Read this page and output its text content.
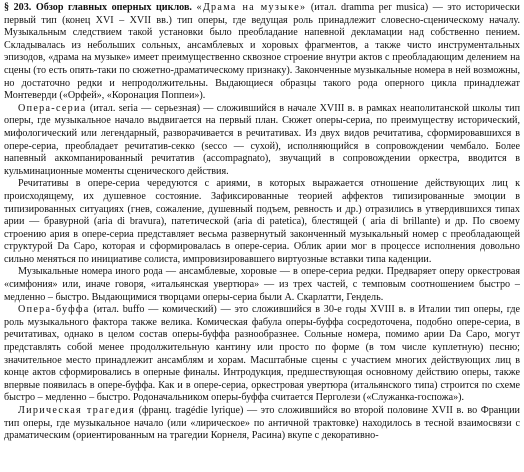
§ 203. Обзор главных оперных циклов. «Драма на музыке» (итал. dramma per musica) — это исторически первый тип (конец XVI – XVII вв.) тип оперы, где ведущая роль принадлежит словесно-сценическому началу. Музыкальным следствием такой установки было преобладание напевной декламации над собственно пением. Складывалась из небольших сольных, ансамблевых и хоровых фрагментов, а также чисто инструментальных эпизодов, «драма на музыке» имеет преимущественно сквозное строение внутри актов с преобладающим делением на сцены (то есть опять-таки по сюжетно-драматическому признаку). Законченные музыкальные номера в ней возможны, но достаточно редки и непродолжительны. Выдающиеся образцы такого рода оперного цикла принадлежат Монтеверди («Орфей», «Коронация Поппеи»).

Опера-сериа (итал. seria — серьезная) — сложившийся в начале XVIII в. в рамках неаполитанской школы тип оперы, где музыкальное начало выдвигается на первый план. Сюжет оперы-сериа, по преимуществу исторический, мифологический или легендарный, разворачивается в речитативах. Из двух видов речитатива, сформировавшихся в опере-сериа, преобладает речитатив-секко (secco — сухой), исполняющийся в сопровождении чембало. Более напевный аккомпанированный речитатив (accompagnato), звучащий в сопровождении оркестра, вводится в кульминационные моменты сценического действия.

Речитативы в опере-сериа чередуются с ариями, в которых выражается отношение действующих лиц к происходящему, их душевное состояние. Зафиксированные теорией аффектов типизированные эмоции в типизированных ситуациях (гнев, сожаление, душевный подъем, ревность и др.) отразились в утвердившихся типах арии — бравурной (aria di bravura), патетической (aria di patetica), блестящей ( aria di brillante) и др. По своему строению ария в опере-сериа представляет весьма развернутый законченный музыкальный номер с преобладающей структурой Da Capo, которая и сформировалась в опере-сериа. Облик арии мог в процессе исполнения довольно сильно меняться по инициативе солиста, импровизировавшего виртуозные вставки типа каденции.

Музыкальные номера иного рода — ансамблевые, хоровые — в опере-сериа редки. Предваряет оперу оркестровая «симфония» или, иначе говоря, «итальянская увертюра» — из трех частей, с темповым соотношением быстро – медленно – быстро. Выдающимися творцами оперы-сериа были А. Скарлатти, Гендель.

Опера-буффа (итал. buffo — комический) — это сложившийся в 30-е годы XVIII в. в Италии тип оперы, где роль музыкального фактора также велика. Комическая фабула оперы-буффа сосредоточена, подобно опере-сериа, в речитативах, однако в целом состав оперы-буффа разнообразнее. Сольные номера, помимо арии Da Capo, могут представлять собой менее продолжительную кантину или просто по форме (в том числе куплетную) песню; значительное место принадлежит ансамблям и хорам. Масштабные сцены с участием многих действующих лиц в конце актов сформировались в оперные финалы. Интродукция, предшествующая основному действию оперы, также впервые появилась в опере-буффа. Как и в опере-сериа, оркестровая увертюра (итальянского типа) строится по схеме быстро – медленно – быстро. Родоначальником оперы-буффа считается Перголези («Служанка-госпожа»).

Лирическая трагедия (франц. tragédie lyrique) — это сложившийся во второй половине XVII в. во Франции тип оперы, где музыкальное начало (или «лирическое» по античной трактовке) находилось в тесной взаимосвязи с драматическим (ориентированным на трагедии Корнеля, Расина) вкупе с декоративно-
